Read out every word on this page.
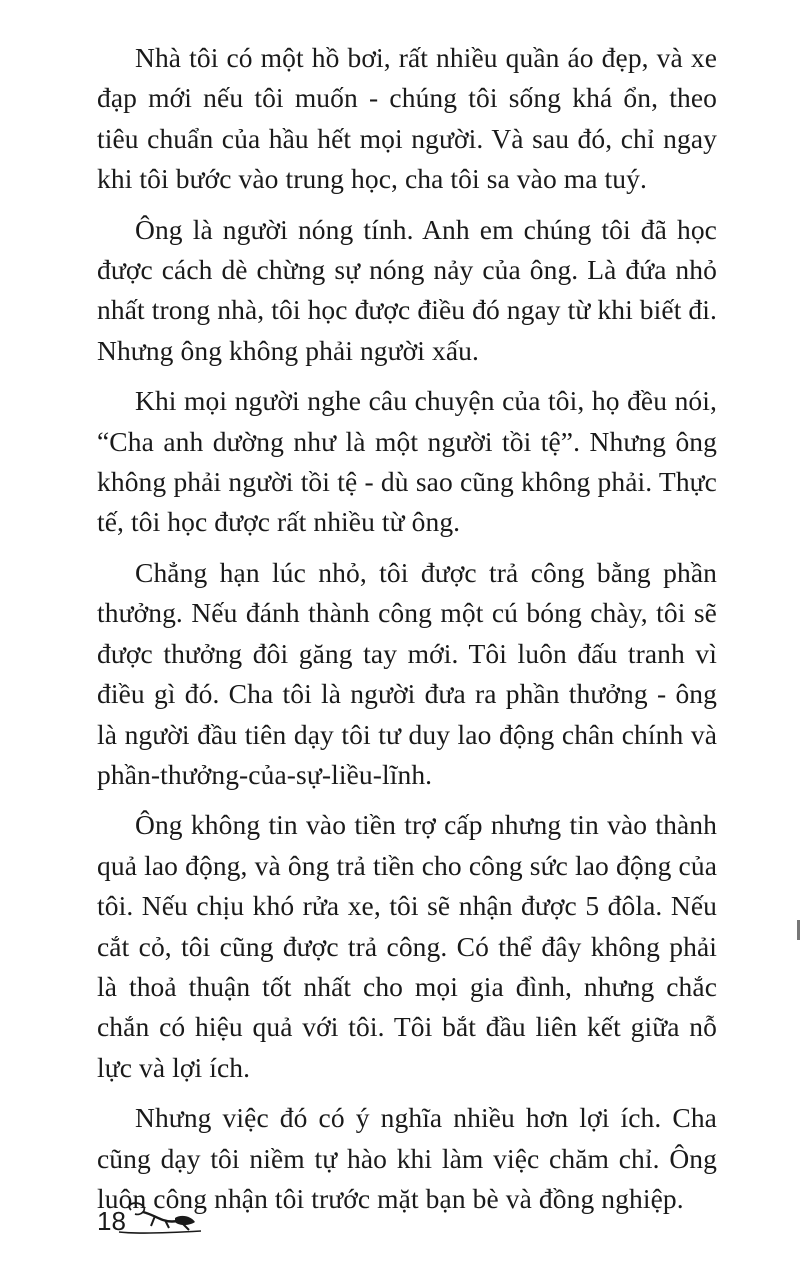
Nhà tôi có một hồ bơi, rất nhiều quần áo đẹp, và xe đạp mới nếu tôi muốn - chúng tôi sống khá ổn, theo tiêu chuẩn của hầu hết mọi người. Và sau đó, chỉ ngay khi tôi bước vào trung học, cha tôi sa vào ma tuý.

Ông là người nóng tính. Anh em chúng tôi đã học được cách dè chừng sự nóng nảy của ông. Là đứa nhỏ nhất trong nhà, tôi học được điều đó ngay từ khi biết đi. Nhưng ông không phải người xấu.

Khi mọi người nghe câu chuyện của tôi, họ đều nói, “Cha anh dường như là một người tồi tệ”. Nhưng ông không phải người tồi tệ - dù sao cũng không phải. Thực tế, tôi học được rất nhiều từ ông.

Chẳng hạn lúc nhỏ, tôi được trả công bằng phần thưởng. Nếu đánh thành công một cú bóng chày, tôi sẽ được thưởng đôi găng tay mới. Tôi luôn đấu tranh vì điều gì đó. Cha tôi là người đưa ra phần thưởng - ông là người đầu tiên dạy tôi tư duy lao động chân chính và phần-thưởng-của-sự-liều-lĩnh.

Ông không tin vào tiền trợ cấp nhưng tin vào thành quả lao động, và ông trả tiền cho công sức lao động của tôi. Nếu chịu khó rửa xe, tôi sẽ nhận được 5 đôla. Nếu cắt cỏ, tôi cũng được trả công. Có thể đây không phải là thoả thuận tốt nhất cho mọi gia đình, nhưng chắc chắn có hiệu quả với tôi. Tôi bắt đầu liên kết giữa nỗ lực và lợi ích.

Nhưng việc đó có ý nghĩa nhiều hơn lợi ích. Cha cũng dạy tôi niềm tự hào khi làm việc chăm chỉ. Ông luôn công nhận tôi trước mặt bạn bè và đồng nghiệp.

18
